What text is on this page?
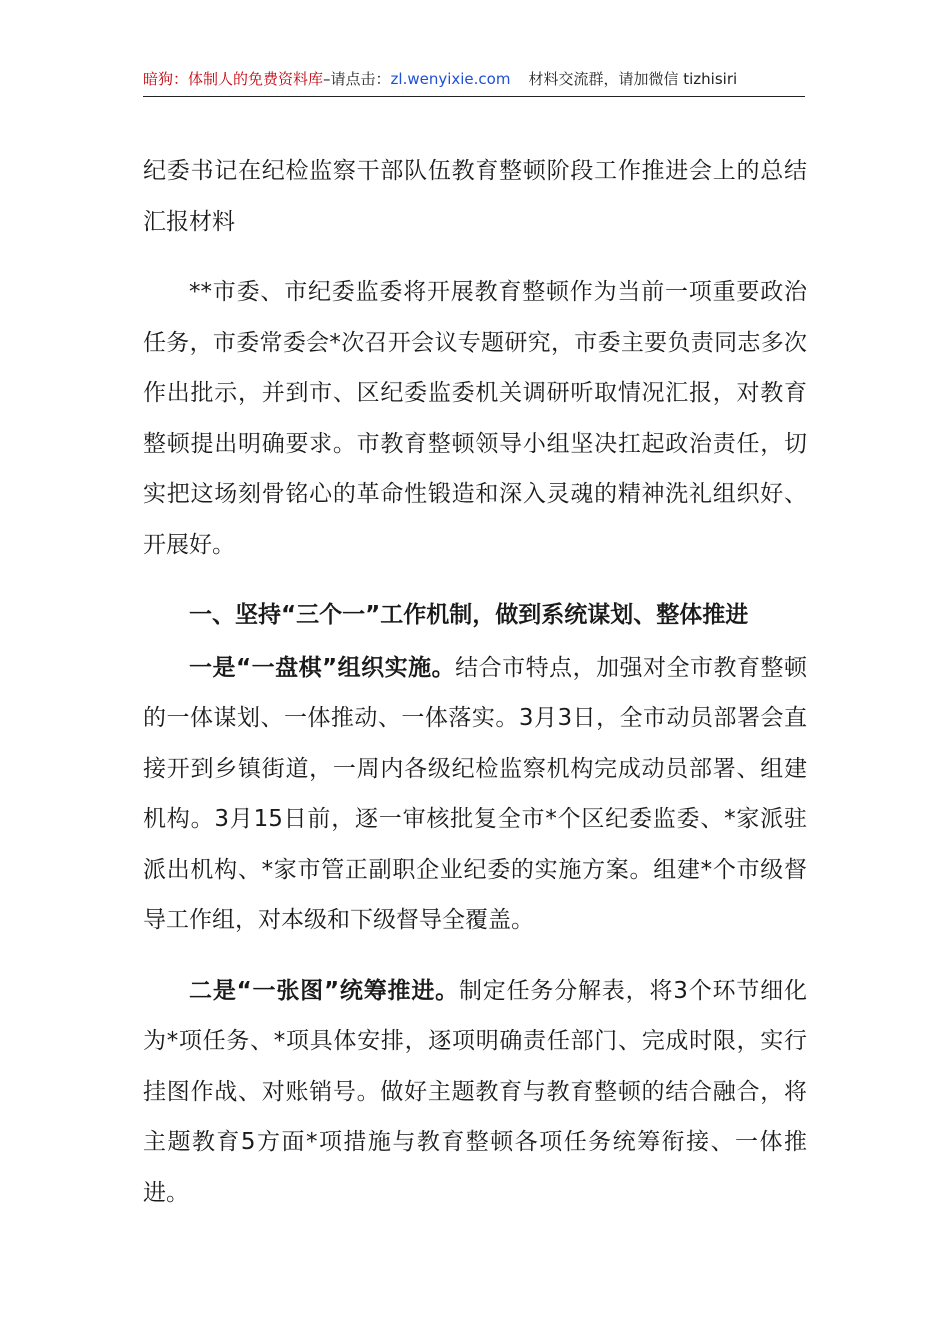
暗狗：体制人的免费资料库–请点击：zl.wenyixie.com 材料交流群，请加微信 tizhisiri

纪委书记在纪检监察干部队伍教育整顿阶段工作推进会上的总结汇报材料

**市委、市纪委监委将开展教育整顿作为当前一项重要政治任务，市委常委会*次召开会议专题研究，市委主要负责同志多次作出批示，并到市、区纪委监委机关调研听取情况汇报，对教育整顿提出明确要求。市教育整顿领导小组坚决扛起政治责任，切实把这场刻骨铭心的革命性锻造和深入灵魂的精神洗礼组织好、开展好。

一、坚持“三个一”工作机制，做到系统谋划、整体推进

一是“一盘棋”组织实施。结合市特点，加强对全市教育整顿的一体谋划、一体推动、一体落实。3月3日，全市动员部署会直接开到乡镇街道，一周内各级纪检监察机构完成动员部署、组建机构。3月15日前，逐一审核批复全市*个区纪委监委、*家派驻派出机构、*家市管正副职企业纪委的实施方案。组建*个市级督导工作组，对本级和下级督导全覆盖。

二是“一张图”统筹推进。制定任务分解表，将3个环节细化为*项任务、*项具体安排，逐项明确责任部门、完成时限，实行挂图作战、对账销号。做好主题教育与教育整顿的结合融合，将主题教育5方面*项措施与教育整顿各项任务统筹衔接、一体推进。
